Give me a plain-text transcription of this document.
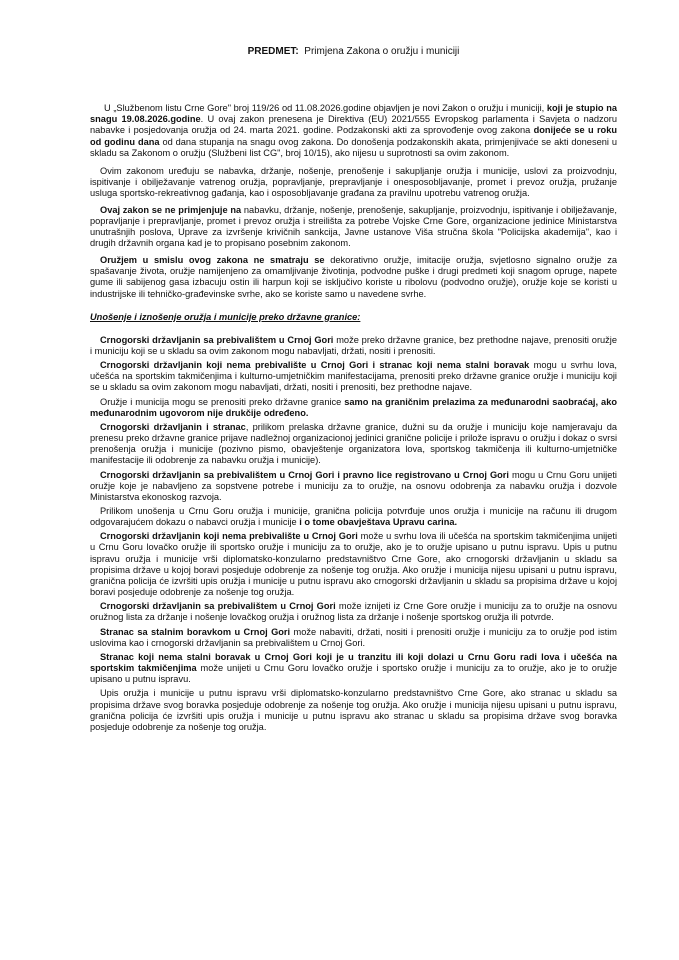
PREDMET: Primjena Zakona o oružju i municiji

U „Službenom listu Crne Gore" broj 119/26 od 11.08.2026.godine objavljen je novi Zakon o oružju i municiji, koji je stupio na snagu 19.08.2026.godine. U ovaj zakon prenesena je Direktiva (EU) 2021/555 Evropskog parlamenta i Savjeta o nadzoru nabavke i posjedovanja oružja od 24. marta 2021. godine. Podzakonski akti za sprovođenje ovog zakona donijeće se u roku od godinu dana od dana stupanja na snagu ovog zakona. Do donošenja podzakonskih akata, primjenjivaće se akti doneseni u skladu sa Zakonom o oružju (Službeni list CG", broj 10/15), ako nijesu u suprotnosti sa ovim zakonom.

Ovim zakonom uređuju se nabavka, držanje, nošenje, prenošenje i sakupljanje oružja i municije, uslovi za proizvodnju, ispitivanje i obilježavanje vatrenog oružja, popravljanje, prepravljanje i onesposobljavanje, promet i prevoz oružja, pružanje usluga sportsko-rekreativnog gađanja, kao i osposobljavanje građana za pravilnu upotrebu vatrenog oružja.

Ovaj zakon se ne primjenjuje na nabavku, držanje, nošenje, prenošenje, sakupljanje, proizvodnju, ispitivanje i obilježavanje, popravljanje i prepravljanje, promet i prevoz oružja i streilišta za potrebe Vojske Crne Gore, organizacione jedinice Ministarstva unutrašnjih poslova, Uprave za izvršenje krivičnih sankcija, Javne ustanove Viša stručna škola "Policijska akademija", kao i drugih državnih organa kad je to propisano posebnim zakonom.

Oružjem u smislu ovog zakona ne smatraju se dekorativno oružje, imitacije oružja, svjetlosno signalno oružje za spašavanje života, oružje namijenjeno za omamljivanje životinja, podvodne puške i drugi predmeti koji snagom opruge, napete gume ili sabijenog gasa izbacuju ostin ili harpun koji se isključivo koriste u ribolovu (podvodno oružje), oružje koje se koristi u industrijske ili tehničko-građevinske svrhe, ako se koriste samo u navedene svrhe.

Unošenje i iznošenje oružja i municije preko državne granice:

Crnogorski državljanin sa prebivalištem u Crnoj Gori može preko državne granice, bez prethodne najave, prenositi oružje i municiju koji se u skladu sa ovim zakonom mogu nabavljati, držati, nositi i prenositi.

Crnogorski državljanin koji nema prebivalište u Crnoj Gori i stranac koji nema stalni boravak mogu u svrhu lova, učešća na sportskim takmičenjima i kulturno-umjetničkim manifestacijama, prenositi preko državne granice oružje i municiju koji se u skladu sa ovim zakonom mogu nabavljati, držati, nositi i prenositi, bez prethodne najave.

Oružje i municija mogu se prenositi preko državne granice samo na graničnim prelazima za međunarodni saobraćaj, ako međunarodnim ugovorom nije drukčije određeno.

Crnogorski državljanin i stranac, prilikom prelaska državne granice, dužni su da oružje i municiju koje namjeravaju da prenesu preko državne granice prijave nadležnoj organizacionoj jedinici granične policije i prilože ispravu o oružju i dokaz o svrsi prenošenja oružja i municije (pozivno pismo, obavještenje organizatora lova, sportskog takmičenja ili kulturno-umjetničke manifestacije ili odobrenje za nabavku oružja i municije).

Crnogorski državljanin sa prebivalištem u Crnoj Gori i pravno lice registrovano u Crnoj Gori mogu u Crnu Goru unijeti oružje koje je nabavljeno za sopstvene potrebe i municiju za to oružje, na osnovu odobrenja za nabavku oružja i dozvole Ministarstva ekonoskog razvoja.

Prilikom unošenja u Crnu Goru oružja i municije, granična policija potvrđuje unos oružja i municije na računu ili drugom odgovarajućem dokazu o nabavci oružja i municije i o tome obavještava Upravu carina.

Crnogorski državljanin koji nema prebivalište u Crnoj Gori može u svrhu lova ili učešća na sportskim takmičenjima unijeti u Crnu Goru lovačko oružje ili sportsko oružje i municiju za to oružje, ako je to oružje upisano u putnu ispravu. Upis u putnu ispravu oružja i municije vrši diplomatsko-konzularno predstavništvo Crne Gore, ako crnogorski državljanin u skladu sa propisima države u kojoj boravi posjeduje odobrenje za nošenje tog oružja. Ako oružje i municija nijesu upisani u putnu ispravu, granična policija će izvršiti upis oružja i municije u putnu ispravu ako crnogorski državljanin u skladu sa propisima države u kojoj boravi posjeduje odobrenje za nošenje tog oružja.

Crnogorski državljanin sa prebivalištem u Crnoj Gori može iznijeti iz Crne Gore oružje i municiju za to oružje na osnovu oružnog lista za držanje i nošenje lovačkog oružja i oružnog lista za držanje i nošenje sportskog oružja ili potvrde.

Stranac sa stalnim boravkom u Crnoj Gori može nabaviti, držati, nositi i prenositi oružje i municiju za to oružje pod istim uslovima kao i crnogorski državljanin sa prebivalištem u Crnoj Gori.

Stranac koji nema stalni boravak u Crnoj Gori koji je u tranzitu ili koji dolazi u Crnu Goru radi lova i učešća na sportskim takmičenjima može unijeti u Crnu Goru lovačko oružje i sportsko oružje i municiju za to oružje, ako je to oružje upisano u putnu ispravu.

Upis oružja i municije u putnu ispravu vrši diplomatsko-konzularno predstavništvo Crne Gore, ako stranac u skladu sa propisima države svog boravka posjeduje odobrenje za nošenje tog oružja. Ako oružje i municija nijesu upisani u putnu ispravu, granična policija će izvršiti upis oružja i municije u putnu ispravu ako stranac u skladu sa propisima države svog boravka posjeduje odobrenje za nošenje tog oružja.
